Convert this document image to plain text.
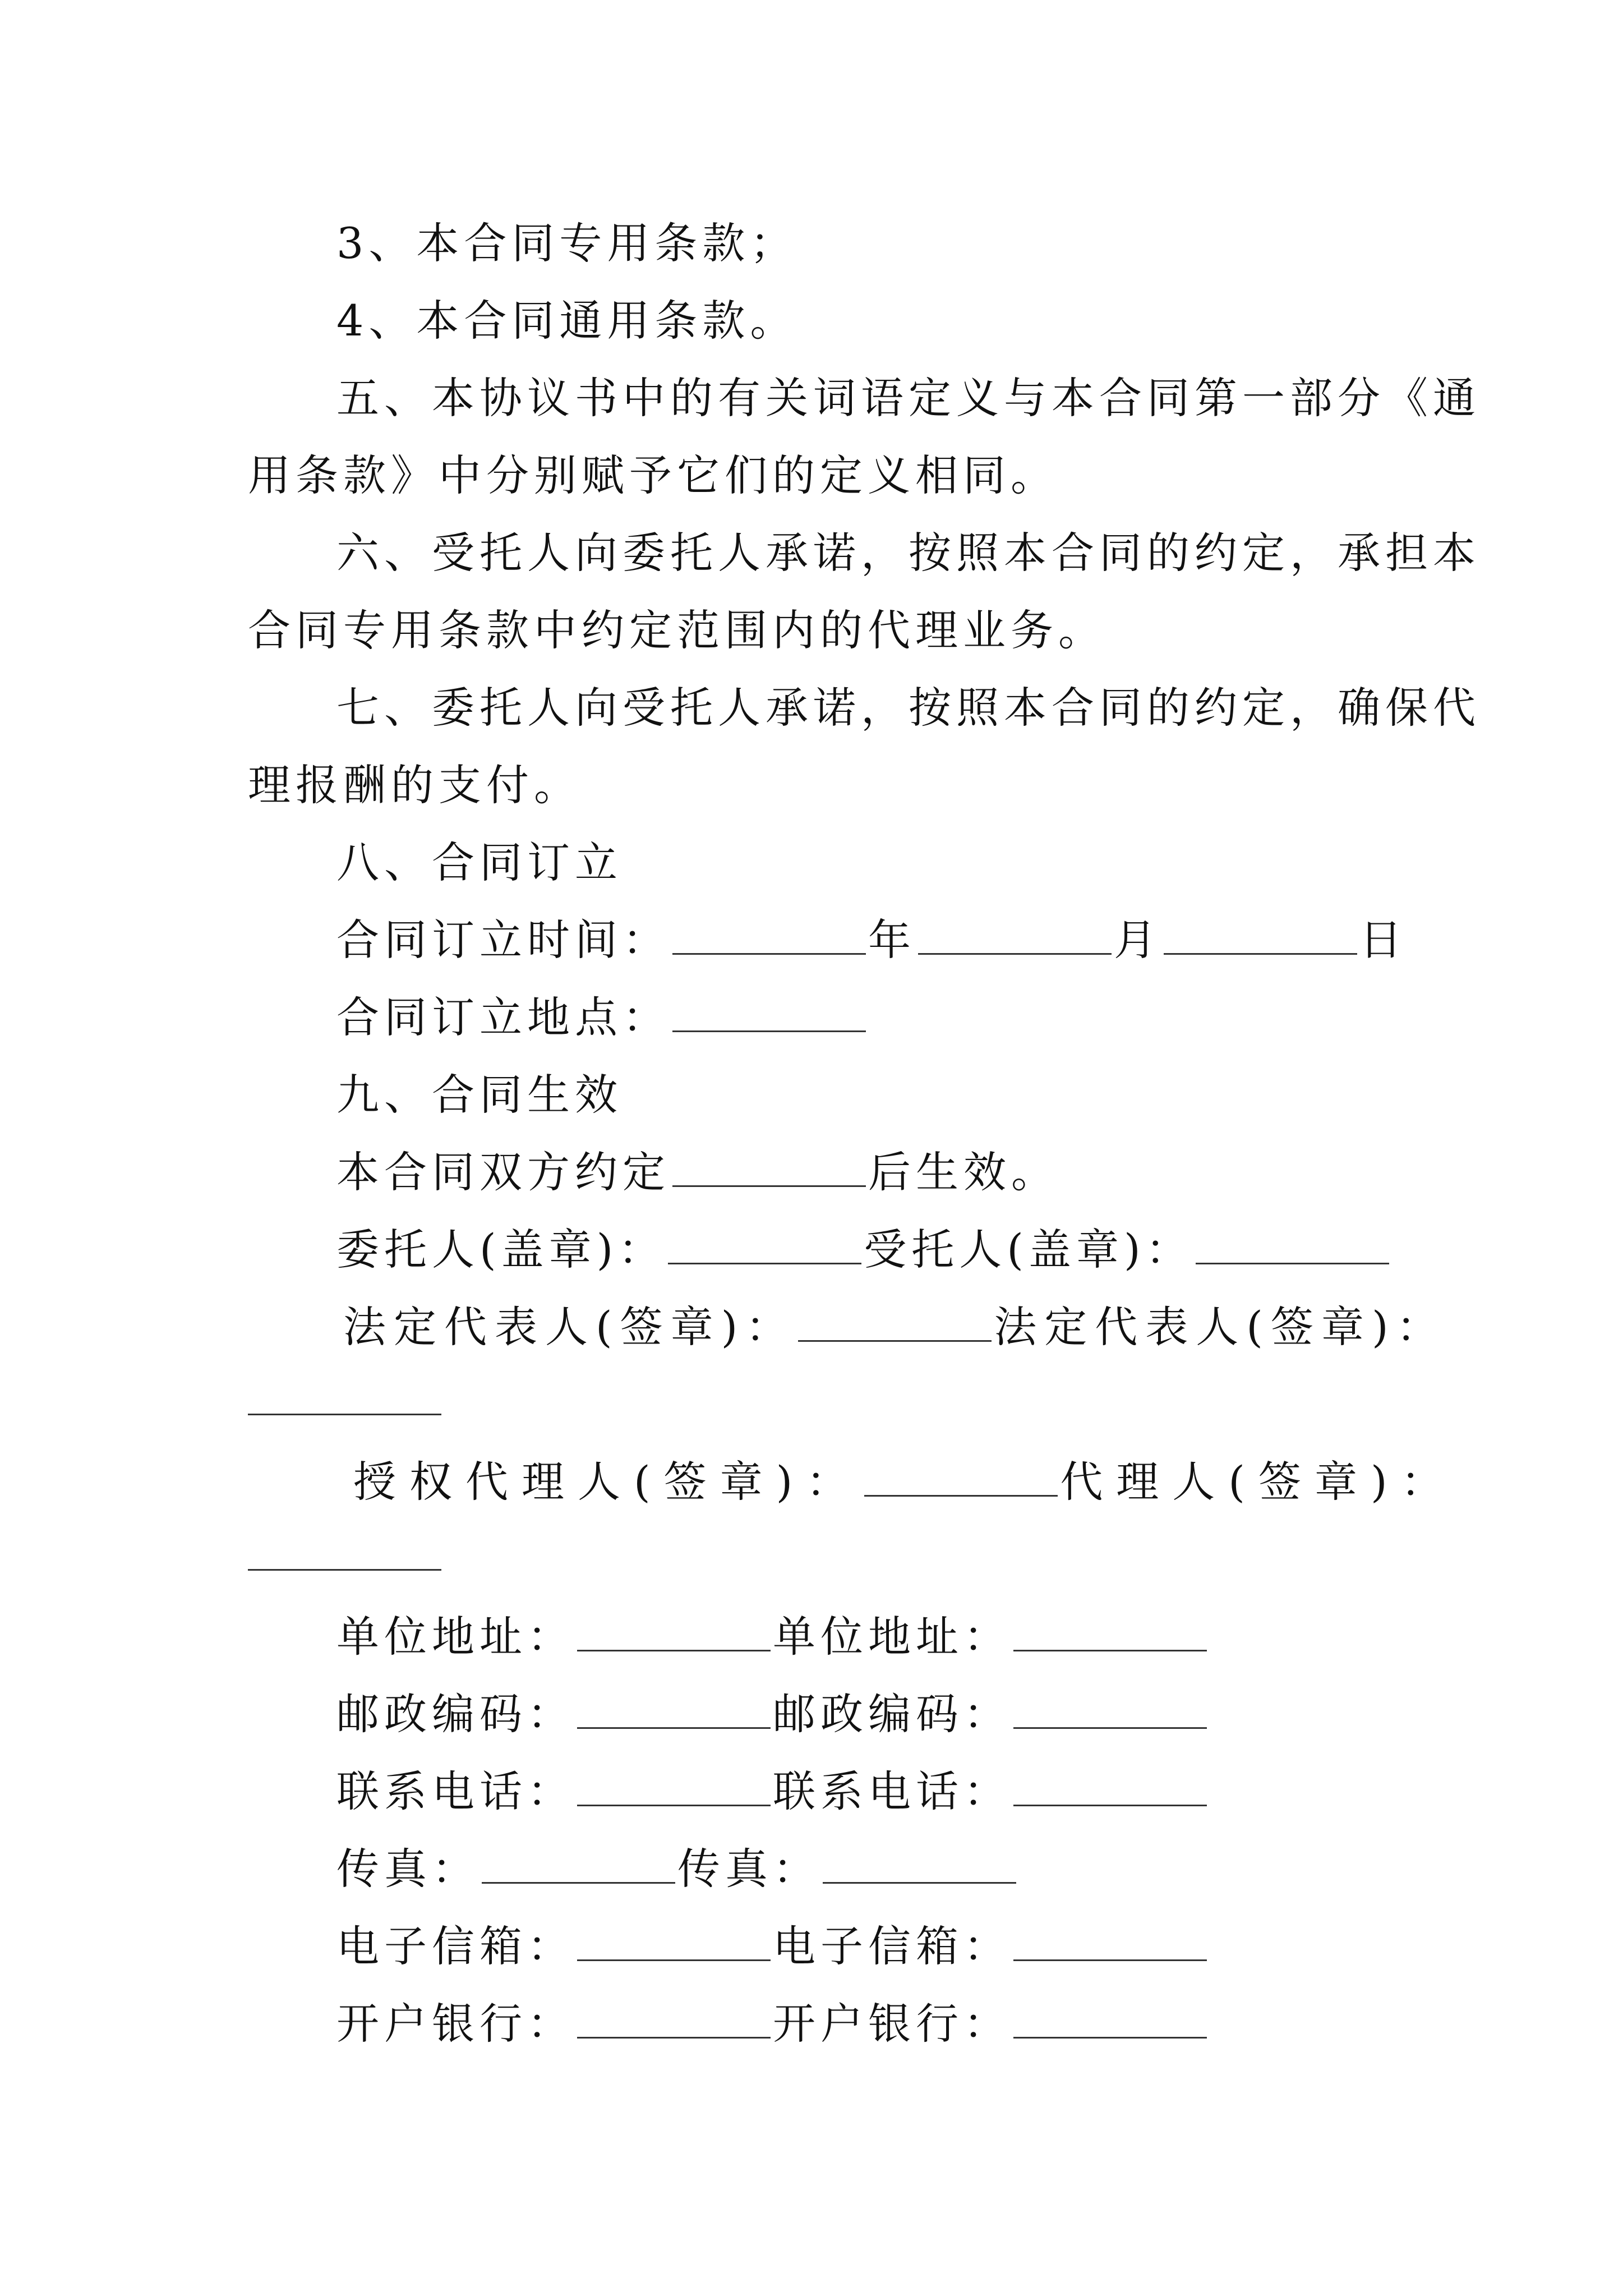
3、本合同专用条款；
4、本合同通用条款。
五、本协议书中的有关词语定义与本合同第一部分《通
用条款》中分别赋予它们的定义相同。
六、受托人向委托人承诺，按照本合同的约定，承担本
合同专用条款中约定范围内的代理业务。
七、委托人向受托人承诺，按照本合同的约定，确保代
理报酬的支付。
八、合同订立
合同订立时间：	年	月	日
合同订立地点：
九、合同生效
本合同双方约定	后生效。
委托人(盖章)：	受托人(盖章)：
法定代表人(签章)：	法定代表人(签章)：
授权代理人(签章)：	代理人(签章)：
单位地址：	单位地址：
邮政编码：	邮政编码：
联系电话：	联系电话：
传真：	传真：
电子信箱：	电子信箱：
开户银行：	开户银行：
